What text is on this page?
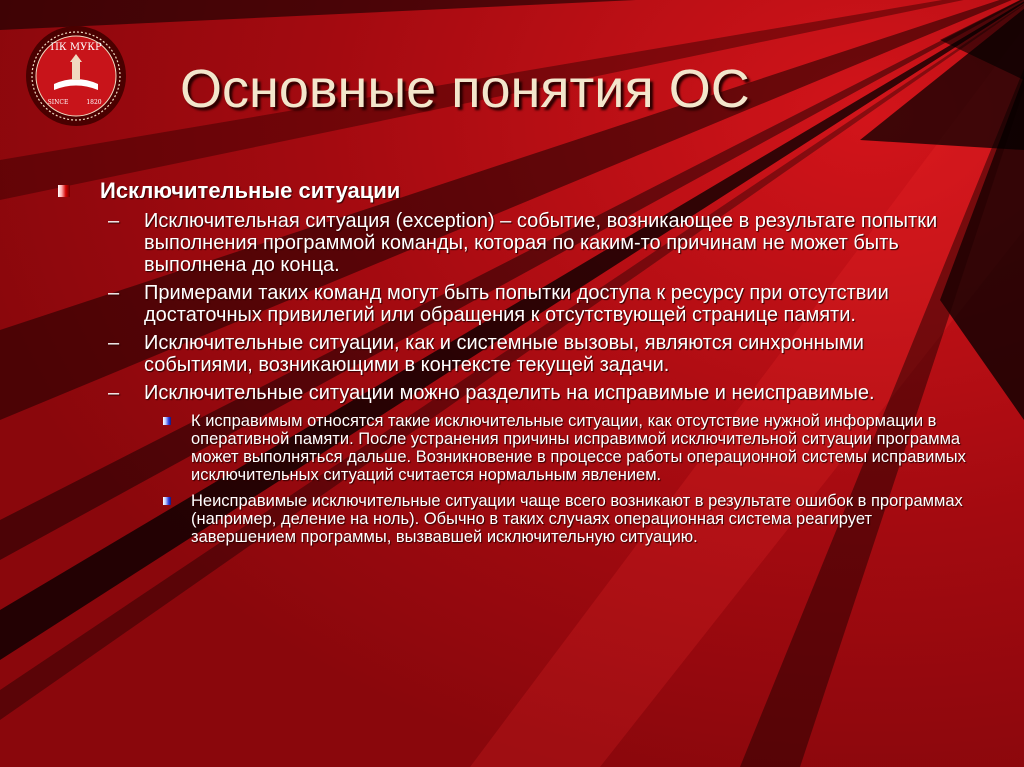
ПК МУКР
SINCE	1820 Основные понятия ОС
Исключительные ситуации
– Исключительная ситуация (exception) – событие, возникающее в результате попытки выполнения программой команды, которая по каким-то причинам не может быть выполнена до конца.
– Примерами таких команд могут быть попытки доступа к ресурсу при отсутствии достаточных привилегий или обращения к отсутствующей странице памяти.
– Исключительные ситуации, как и системные вызовы, являются синхронными событиями, возникающими в контексте текущей задачи.
– Исключительные ситуации можно разделить на исправимые и неисправимые.
К исправимым относятся такие исключительные ситуации, как отсутствие нужной информации в оперативной памяти. После устранения причины исправимой исключительной ситуации программа может выполняться дальше. Возникновение в процессе работы операционной системы исправимых исключительных ситуаций считается нормальным явлением.
Неисправимые исключительные ситуации чаще всего возникают в результате ошибок в программах (например, деление на ноль). Обычно в таких случаях операционная система реагирует завершением программы, вызвавшей исключительную ситуацию.
